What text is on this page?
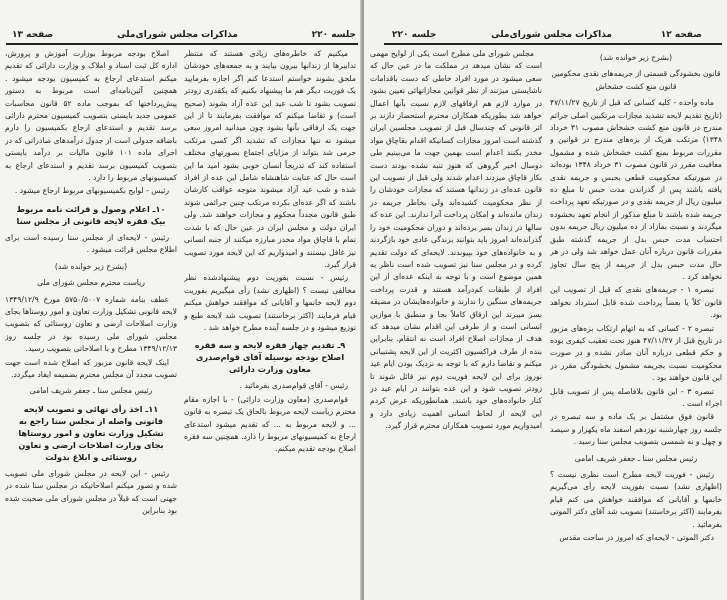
جلسه ۲۲۰
مذاکرات مجلس شورای‌ملی
صفحه ۱۳

میکنیم که خاطره‌های زیادی هستند که منتظر تدابیرها از زندانها بیرون بیایند و به جمعه‌های خودشان ملحق بشوند خواستم استدعا کنم اگر اجازه بفرمایید یک فوریت دیگر هم ما پیشنهاد بکنیم که یکقدری زودتر تصویب بشود تا شب عید این عده آزاد بشوند (صحیح است) و تقاضا میکنم که موافقت بفرمایند تا از این جهت یک ارفاقی بآنها بشود چون میدانید امروز سعی میشود نه تنها مجازات که تشدید اگر کسی مرتکب جرمی شد بتواند از مزایای اجتماع بصورتهای مختلف استفاده کند که تدریجاً انسان خوبی بشود امید ما این است حال که عنایت شاهنشاه شامل این عده از افراد شده و شب عید آزاد میشوند متوجه عواقب کارشان باشند که اگر عده‌ای بکرده مرتکب چنین جرائمی شوند طبق قانون مجدداً محکوم و مجازات خواهند شد. ولی ایران دولت و مجلس ایران در عین حال که با شدت تمام با قاچاق مواد مخدر مبارزه میکنند از جنبه انسانی نیز غافل نیستند و امیدواریم که این لایحه مورد تصویب قرار گیرد.

رئیس - نسبت بفوریت دوم پیشنهادشده نظر مخالفی نیست ؟ (اظهاری نشد) رأی میگیریم بفوریت دوم لایحه خانمها و آقایانی که موافقند خواهش میکنم قیام فرمایند (اکثر برخاستند) تصویب شد لایحه طبع و توزیع میشود و در جلسه آینده مطرح خواهد شد .

۹ـ تقدیم چهار فقره لایحه و سه فقره اصلاح بودجه بوسیله آقای قوام‌صدری معاون وزارت دارائی

رئیس - آقای قوام‌صدری بفرمائید .

قوام‌صدری (معاون وزارت دارائی) - با اجازه مقام محترم ریاست لایحه مربوط بالحاق یک تبصره به قانون ... و لایحه مربوط به ... که تقدیم میشود استدعای ارجاع به کمیسیونهای مربوط را دارد. همچنین سه فقره اصلاح بودجه تقدیم میکنم.

اصلاح بودجه مربوط بوزارت آموزش و پرورش، اداره کل ثبت اسناد و املاک و وزارت دارائی که تقدیم میکنم استدعای ارجاع به کمیسیون بودجه میشود . همچنین آئین‌نامه‌ای است مربوط به دستور پیش‌پرداختها که بموجب ماده ۵۲ قانون محاسبات عمومی جدید بایستی بتصویب کمیسیون محترم دارائی برسد تقدیم و استدعای ارجاع بکمیسیون را دارم باضافه جدولی است از جدول درآمدهای صادراتی که در اجرای ماده ۱۰۱ قانون مالیات بر درآمد بایستی بتصویب کمیسیون برسد تقدیم و استدعای ارجاع به کمیسیونهای مربوط را دارد .

رئیس - لوایح بکمیسیونهای مربوط ارجاع میشود .

۱۰ـ اعلام وصول و قرائت نامه مربوط بیک فقره لایحه قانونی از مجلس سنا

رئیس - لایحه‌ای از مجلس سنا رسیده است برای اطلاع مجلس قرائت میشود .

(بشرح زیر خوانده شد)

ریاست محترم مجلس شورای ملی

عطف بنامه شماره ۵۷۵۰/۵۰۰۷ مورخ ۱۳۴۹/۱۲/۹ لایحه قانونی تشکیل وزارت تعاون و امور روستاها بجای وزارت اصلاحات ارضی و تعاون روستائی که بتصویب مجلس شورای ملی رسیده بود در جلسه روز ۱۳۴۹/۱۲/۱۳ مطرح و با اصلاحاتی بتصویب رسید.

اینک لایحه قانون مزبور که اصلاح شده است جهت تصویب مجدد آن مجلس محترم بضمیمه ایفاد میگردد.

رئیس مجلس سنا ـ جعفر شریف امامی

۱۱ـ اخذ رأی نهائی و تصویب لایحه قانونی واصله از مجلس سنا راجع به تشکیل وزارت تعاون و امور روستاها بجای وزارت اصلاحات ارضی و تعاون روستائی و ابلاغ بدولت

رئیس - این لایحه در مجلس شورای ملی تصویب شده و تصور میکنم اصلاحاتیکه در مجلس سنا شده در جهتی است که قبلاً در مجلس شورای ملی صحبت شده بود بنابراین

صفحه ۱۲
مذاکرات مجلس شورای‌ملی
جلسه ۲۲۰

(بشرح زیر خوانده شد)

قانون بخشودگی قسمتی از جریمه‌های نقدی محکومین قانون منع کشت خشخاش

ماده واحده - کلیه کسانی که قبل از تاریخ ۴۷/۱۱/۲۷ (تاریخ تقدیم لایحه تشدید مجازات مرتکبین اصلی جرائم مندرج در قانون منع کشت خشخاش مصوب ۳۱ خرداد ۱۳۴۸) مرتکب هریک از بزه‌های مندرج در قوانین و مقررات مربوط بمنع کشت خشخاش شده و مشمول معافیت مقرر در قانون مصوب ۳۱ خرداد ۱۳۴۸ بوده‌اند در صورتیکه محکومیت قطعی بحبس و جریمه نقدی یافته باشند پس از گذراندن مدت حبس تا مبلغ ده میلیون ریال از جریمه نقدی و در صورتیکه تعهد پرداخت جریمه شده باشند تا مبلغ مذکور از انجام تعهد بخشوده میگردند و نسبت بمازاد از ده میلیون ریال جریمه بدون احتساب مدت حبس بدل از جریمه گذشته طبق مقررات قانون درباره آنان عمل خواهد شد ولی در هر حال مدت حبس بدل از جریمه از پنج سال تجاوز نخواهد کرد .

تبصره ۱ - جریمه‌های نقدی که قبل از تصویب این قانون کلاً یا بعضاً پرداخت شده قابل استرداد نخواهد بود.

تبصره ۲ - کسانی که به اتهام ارتکاب بزه‌های مزبور در تاریخ قبل از ۴۷/۱۱/۲۷ هنوز تحت تعقیب کیفری بوده و حکم قطعی درباره آنان صادر نشده و در صورت محکومیت نسبت بجریمه مشمول بخشودگی مقرر در این قانون خواهند بود .

تبصره ۳ - این قانون بلافاصله پس از تصویب قابل اجراء است .

قانون فوق مشتمل بر یک ماده و سه تبصره در جلسه روز چهارشنبه نوزدهم اسفند ماه یکهزار و سیصد و چهل و نه شمسی بتصویب مجلس سنا رسید .

رئیس مجلس سنا ـ جعفر شریف امامی

رئیس - فوریت لایحه مطرح است نظری نیست ؟ (اظهاری نشد) نسبت بفوریت لایحه رأی می‌گیریم خانمها و آقایانی که موافقند خواهش می کنم قیام بفرمایند (اکثر برخاستند) تصویب شد آقای دکتر الموتی بفرمائید .

دکتر الموتی - لایحه‌ای که امروز در ساحت مقدس

مجلس شورای ملی مطرح است یکی از لوایح مهمی است که نشان میدهد در مملکت ما در عین حال که سعی میشود در مورد افراد خاطی که دست باقدامات ناشایستی میزنند از نظر قوانین مجازاتهائی تعیین بشود در موارد لازم هم ارفاقهای لازم نسبت بآنها اعمال خواهد شد بطوریکه همکاران محترم استحضار دارند بر اثر قانونی که چندسال قبل از تصویب مجلسین ایران گذشته است امروز مجازات کسانیکه اقدام بقاچاق مواد مخدر بکنند اعدام است بهمین جهت ما می‌بینیم طی دوسال اخیر گروهی که هنوز تنبه نشده بودند دست بکار قاچاق میزدند اعدام شدند ولی قبل از تصویب این قانون عده‌ای در زندانها هستند که مجازات خودشان را از نظر محکومیت کشیده‌اند ولی بخاطر جریمه در زندان مانده‌اند و امکان پرداخت آنرا ندارند. این عده که سالها در زندان بسر برده‌اند و دوران محکومیت خود را گذرانده‌اند امروز باید بتوانند بزندگی عادی خود بازگردند و به خانواده‌های خود بپیوندند. لایحه‌ای که دولت تقدیم کرده و در مجلس سنا نیز تصویب شده است ناظر به همین موضوع است و با توجه به اینکه عده‌ای از این افراد از طبقات کم‌درآمد هستند و قدرت پرداخت جریمه‌های سنگین را ندارند و خانواده‌هایشان در مضیقه بسر میبرند این ارفاق کاملاً بجا و منطبق با موازین انسانی است و از طرفی این اقدام نشان میدهد که هدف از مجازات اصلاح افراد است نه انتقام. بنابراین بنده از طرف فراکسیون اکثریت از این لایحه پشتیبانی میکنم و تقاضا دارم که با توجه به نزدیک بودن ایام عید نوروز برای این لایحه فوریت دوم نیز قائل شوند تا زودتر تصویب شود و این عده بتوانند در ایام عید در کنار خانواده‌های خود باشند. همانطوریکه عرض کردم این لایحه از لحاظ انسانی اهمیت زیادی دارد و امیدواریم مورد تصویب همکاران محترم قرار گیرد.
